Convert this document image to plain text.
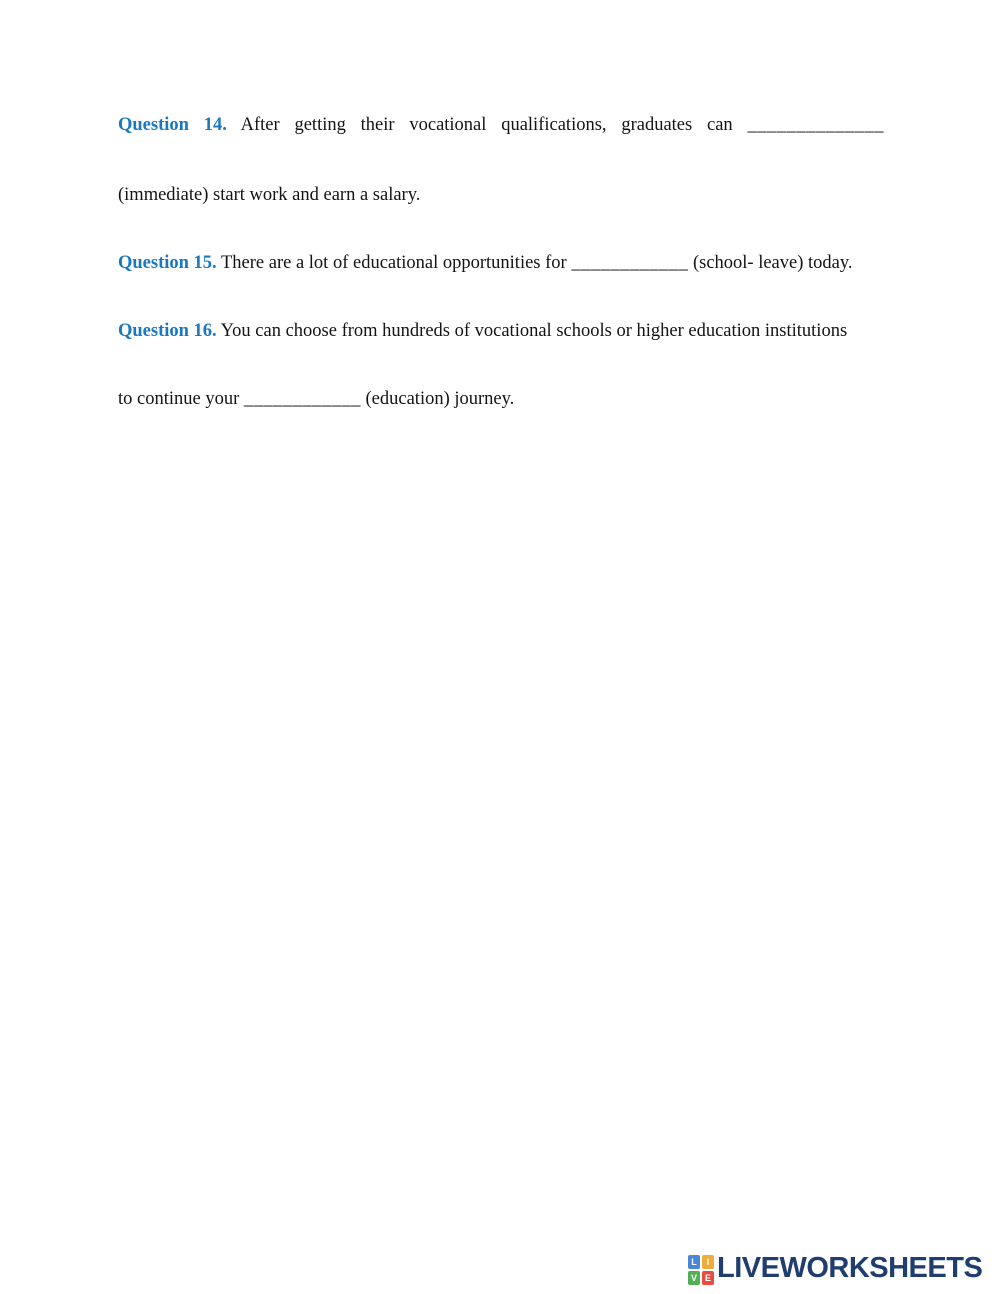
Question 14. After getting their vocational qualifications, graduates can ______________
(immediate) start work and earn a salary.
Question 15. There are a lot of educational opportunities for ____________ (school- leave) today.
Question 16. You can choose from hundreds of vocational schools or higher education institutions
to continue your ____________ (education) journey.
L	I
V E LIVEWORKSHEETS
